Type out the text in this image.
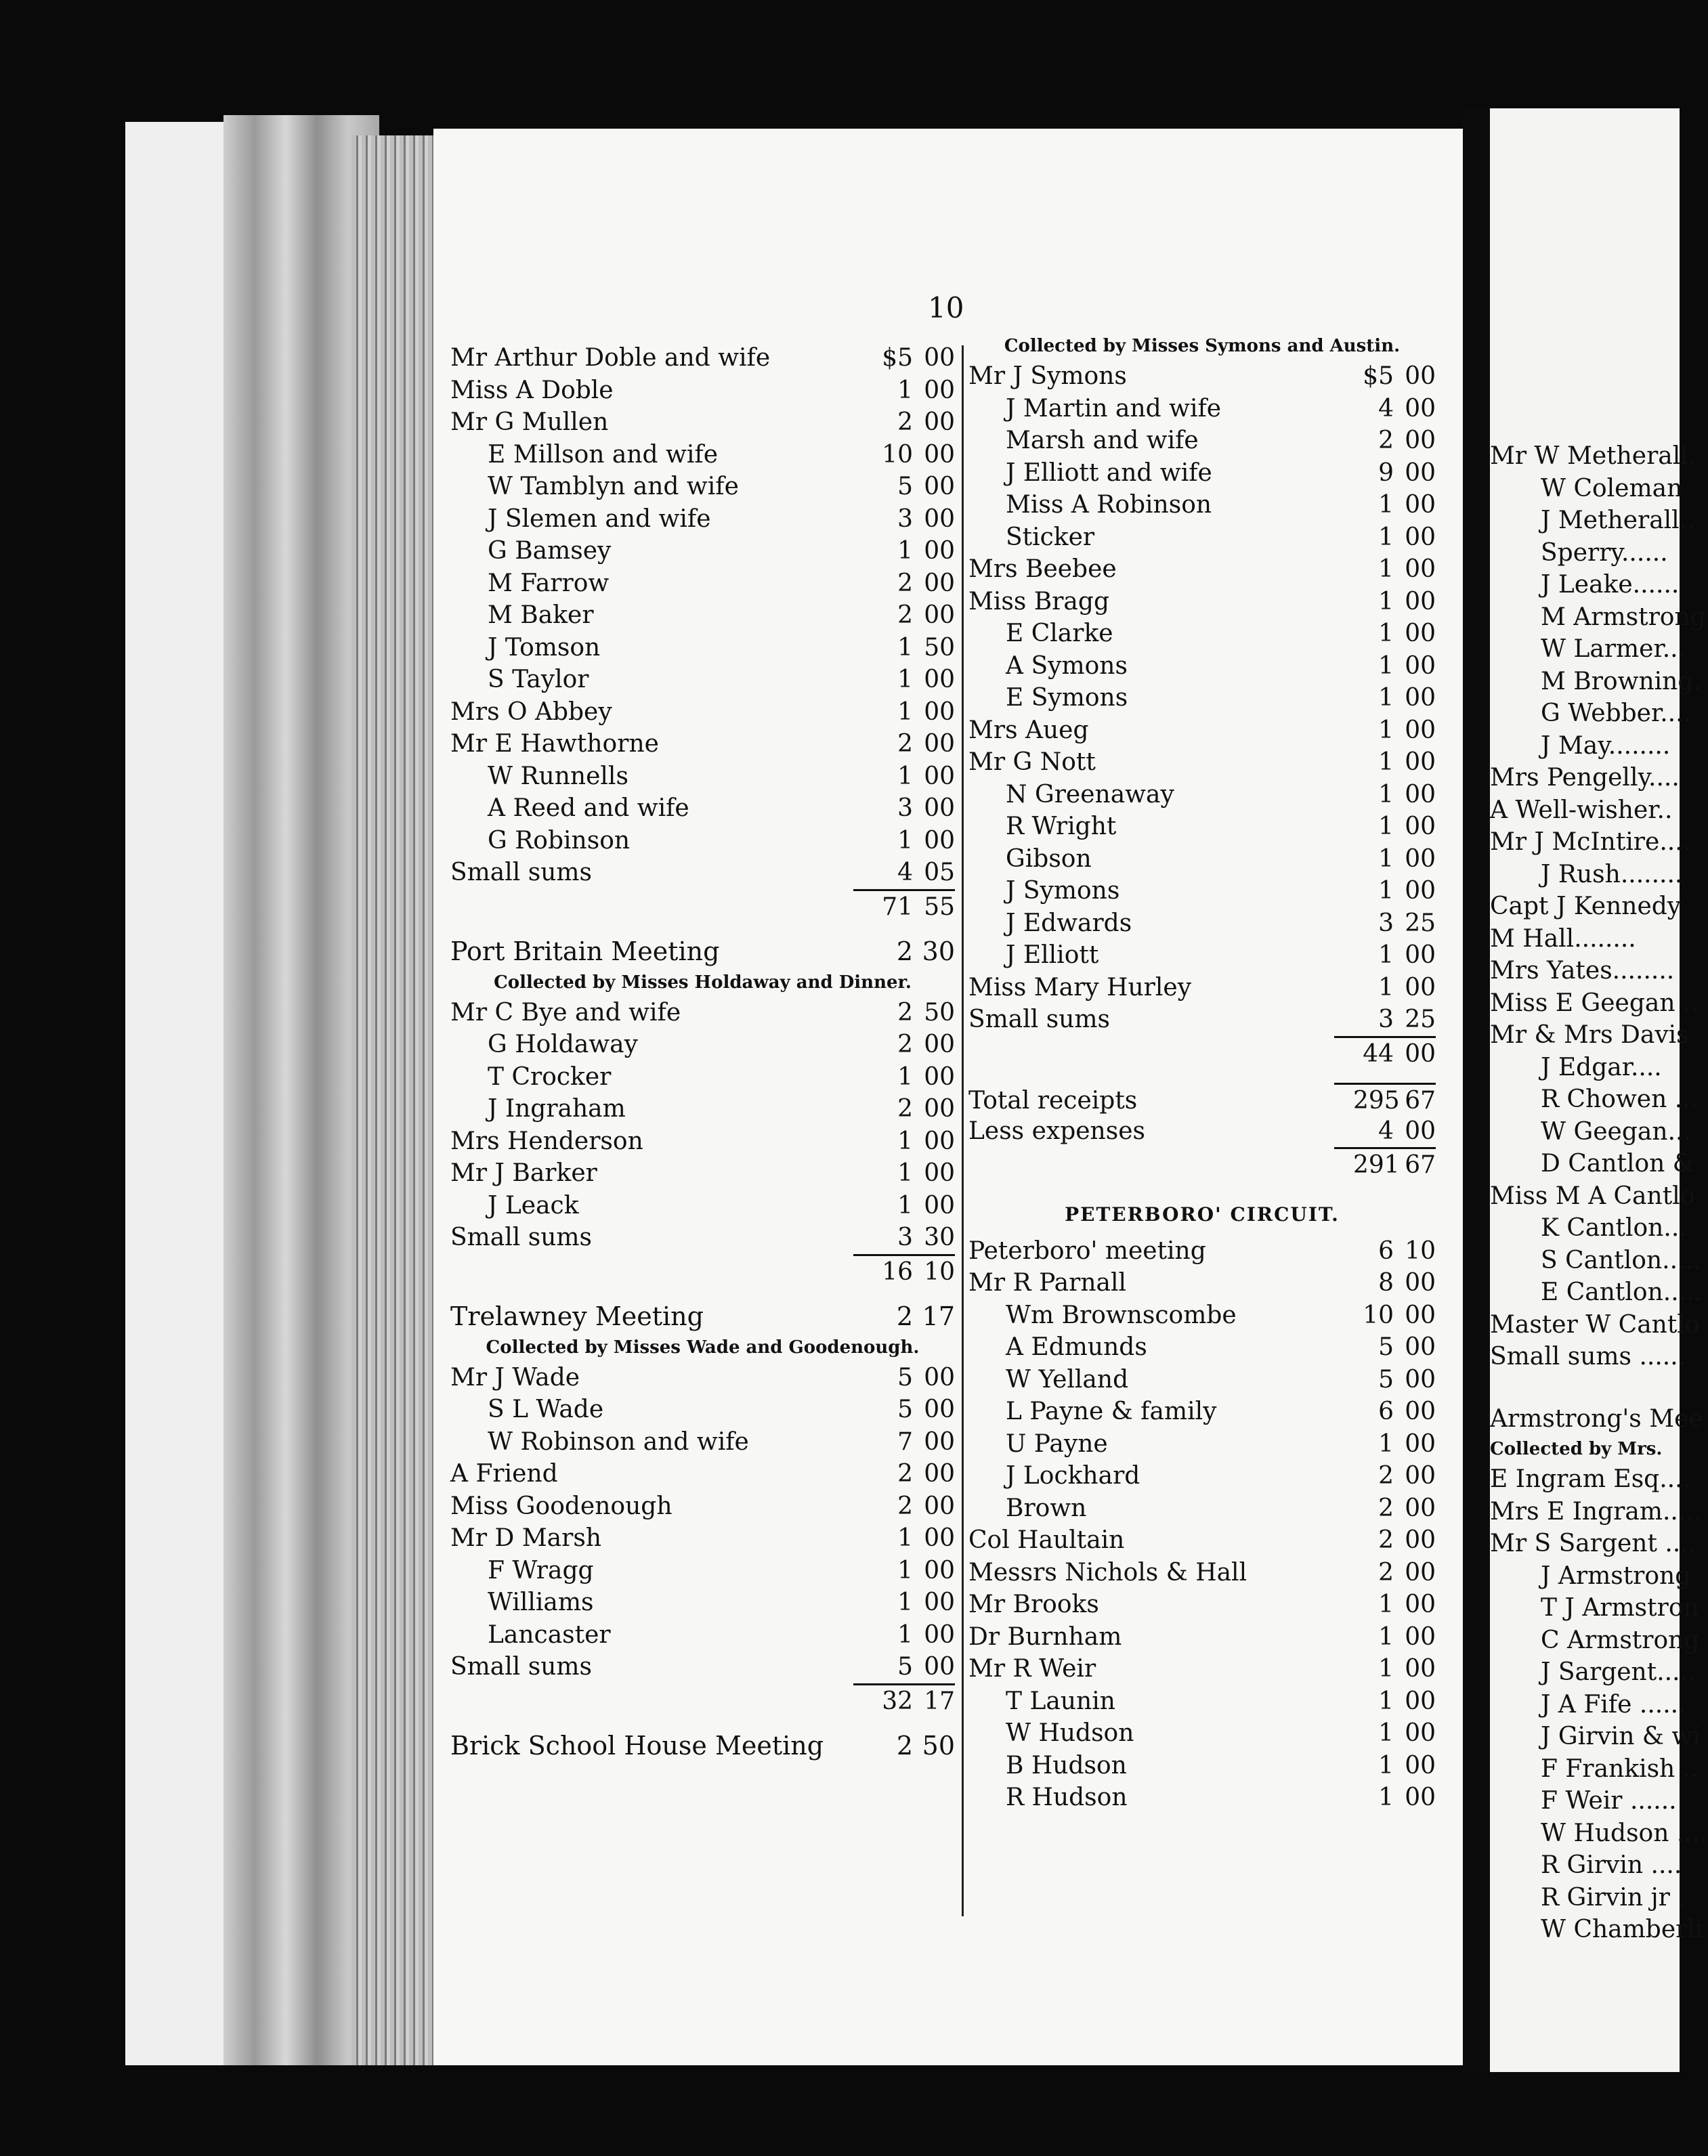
Mr W Metherall.
W Coleman
J Metherall..
Sperry......
J Leake......
M Armstrong
W Larmer...
M Browning.
G Webber....
J May........
Mrs Pengelly....
A Well-wisher..
Mr J McIntire....
J Rush........
Capt J Kennedy
M Hall........
Mrs Yates........
Miss E Geegan ..
Mr & Mrs Davis
J Edgar....
R Chowen ...
W Geegan...
D Cantlon &
Miss M A Cantlo
K Cantlon...
S Cantlon.....
E Cantlon.....
Master W Cantlo
Small sums ......
Armstrong's Mee
Collected by Mrs.
E Ingram Esq....
Mrs E Ingram.....
Mr S Sargent ....
J Armstrong
T J Armstron
C Armstrong
J Sargent.....
J A Fife ......
J Girvin & wi
F Frankish ..
F Weir ......
W Hudson ....
R Girvin ....
R Girvin jr .
W Chamberli
10
Mr Arthur Doble and wife	$5 00
Miss A Doble	1 00
Mr G Mullen	2 00
E Millson and wife	10 00
W Tamblyn and wife	5 00
J Slemen and wife	3 00
G Bamsey	1 00
M Farrow	2 00
M Baker	2 00
J Tomson	1 50
S Taylor	1 00
Mrs O Abbey	1 00
Mr E Hawthorne	2 00
W Runnells	1 00
A Reed and wife	3 00
G Robinson	1 00
Small sums	4 05
71 55
Port Britain Meeting	2 30
Collected by Misses Holdaway and Dinner.
Mr C Bye and wife	2 50
G Holdaway	2 00
T Crocker	1 00
J Ingraham	2 00
Mrs Henderson	1 00
Mr J Barker	1 00
J Leack	1 00
Small sums	3 30
16 10
Trelawney Meeting	2 17
Collected by Misses Wade and Goodenough.
Mr J Wade	5 00
S L Wade	5 00
W Robinson and wife	7 00
A Friend	2 00
Miss Goodenough	2 00
Mr D Marsh	1 00
F Wragg	1 00
Williams	1 00
Lancaster	1 00
Small sums	5 00
32 17
Brick School House Meeting	2 50
Collected by Misses Symons and Austin.
Mr J Symons	$5 00
J Martin and wife	4 00
Marsh and wife	2 00
J Elliott and wife	9 00
Miss A Robinson	1 00
Sticker	1 00
Mrs Beebee	1 00
Miss Bragg	1 00
E Clarke	1 00
A Symons	1 00
E Symons	1 00
Mrs Aueg	1 00
Mr G Nott	1 00
N Greenaway	1 00
R Wright	1 00
Gibson	1 00
J Symons	1 00
J Edwards	3 25
J Elliott	1 00
Miss Mary Hurley	1 00
Small sums	3 25
44 00
Total receipts	295 67
Less expenses	4 00
291 67
PETERBORO' CIRCUIT.
Peterboro' meeting	6 10
Mr R Parnall	8 00
Wm Brownscombe	10 00
A Edmunds	5 00
W Yelland	5 00
L Payne & family	6 00
U Payne	1 00
J Lockhard	2 00
Brown	2 00
Col Haultain	2 00
Messrs Nichols & Hall	2 00
Mr Brooks	1 00
Dr Burnham	1 00
Mr R Weir	1 00
T Launin	1 00
W Hudson	1 00
B Hudson	1 00
R Hudson	1 00
